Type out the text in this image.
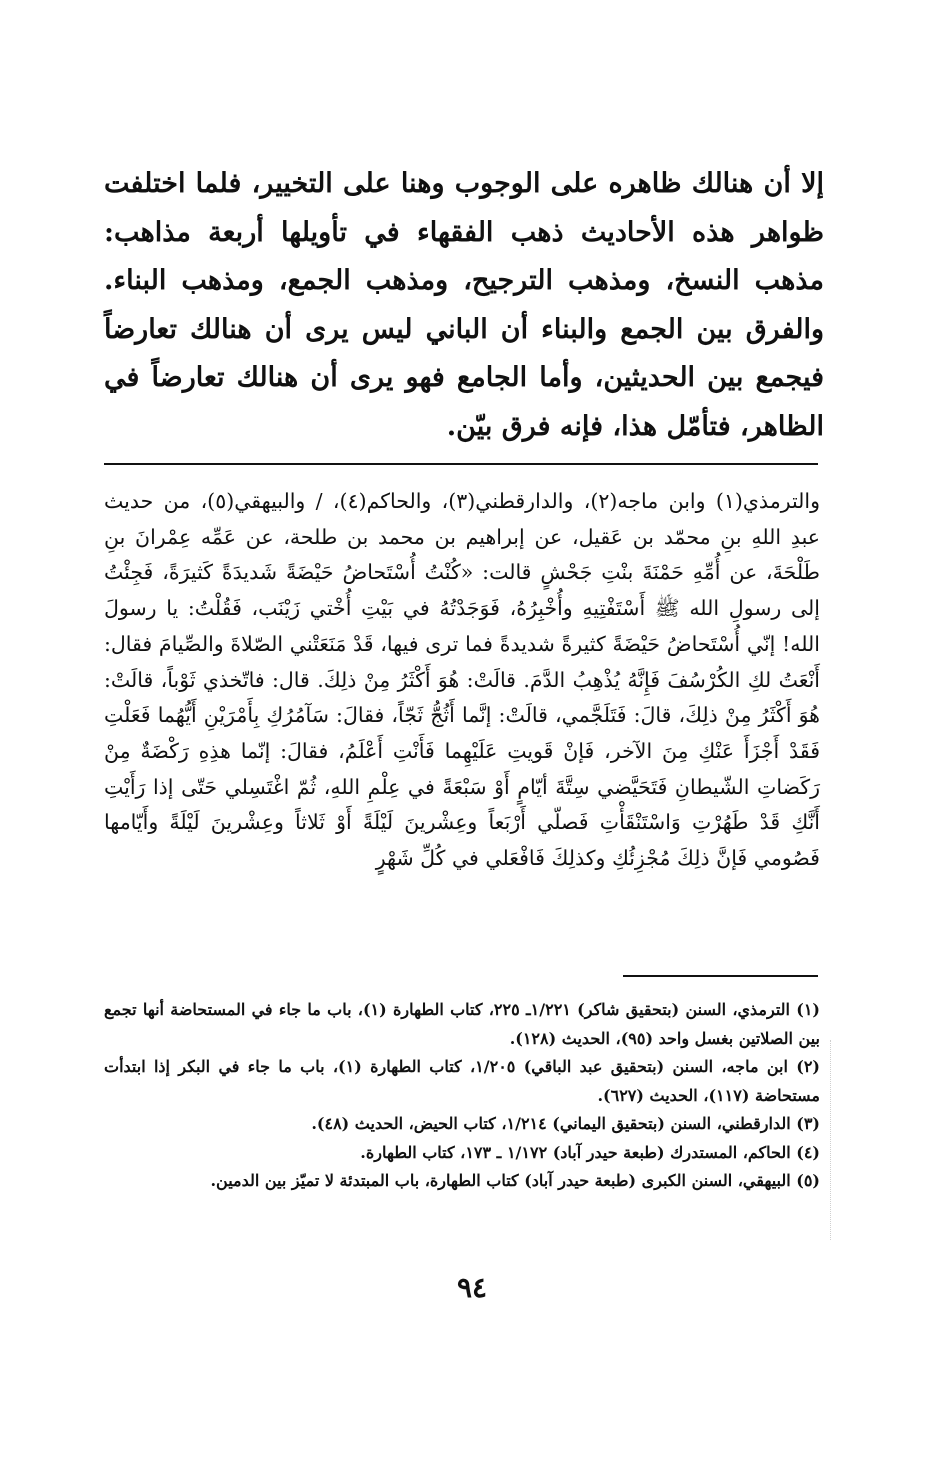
إلا أن هنالك ظاهره على الوجوب وهنا على التخيير، فلما اختلفت ظواهر هذه الأحاديث ذهب الفقهاء في تأويلها أربعة مذاهب: مذهب النسخ، ومذهب الترجيح، ومذهب الجمع، ومذهب البناء. والفرق بين الجمع والبناء أن الباني ليس يرى أن هنالك تعارضاً فيجمع بين الحديثين، وأما الجامع فهو يرى أن هنالك تعارضاً في الظاهر، فتأمّل هذا، فإنه فرق بيّن.

والترمذي(١) وابن ماجه(٢)، والدارقطني(٣)، والحاكم(٤)، / والبيهقي(٥)، من حديث عبدِ اللهِ بنِ محمّد بن عَقيل، عن إبراهيم بن محمد بن طلحة، عن عَمِّه عِمْرانَ بنِ طَلْحَةَ، عن أُمِّهِ حَمْنَةَ بنْتِ جَحْشٍ قالت: «كُنْتُ أُسْتَحاضُ حَيْضَةً شَديدَةً كَثيرَةً، فَجِئْتُ إلى رسولِ الله ﷺ أَسْتَفْتِيهِ وأُخْبِرُهُ، فَوَجَدْتُهُ في بَيْتِ أُخْتي زَيْنَب، فَقُلْتُ: يا رسولَ الله! إنّي أُسْتَحاضُ حَيْضَةً كثيرةً شديدةً فما ترى فيها، قَدْ مَنَعَتْني الصّلاةَ والصِّيامَ فقال: أَنْعَتُ لكِ الكُرْسُفَ فَإِنَّهُ يُذْهِبُ الدَّمَ. قالَتْ: هُوَ أَكْثَرُ مِنْ ذلِكَ. قال: فاتّخذي ثَوْباً، قالَتْ: هُوَ أَكْثَرُ مِنْ ذلِكَ، قالَ: فَتَلَجَّمي، قالَتْ: إنَّما أَثُجُّ ثَجّاً، فقالَ: سَآمُرُكِ بِأَمْرَيْنِ أَيُّهُما فَعَلْتِ فَقَدْ أَجْزَأَ عَنْكِ مِنَ الآخر، فَإنْ قَويتِ عَلَيْهِما فَأَنْتِ أَعْلَمُ، فقالَ: إنّما هذِهِ رَكْضَةٌ مِنْ رَكَضاتِ الشّيطانِ فَتَحَيَّضي سِتَّةَ أيّامٍ أَوْ سَبْعَةً في عِلْمِ اللهِ، ثُمّ اغْتَسِلي حَتّى إذا رَأَيْتِ أَنَّكِ قَدْ طَهُرْتِ وَاسْتَنْقَأْتِ فَصلّي أَرْبَعاً وعِشْرينَ لَيْلَةً أَوْ ثَلاثاً وعِشْرينَ لَيْلَةً وأَيّامها فَصُومي فَإنَّ ذلِكَ مُجْزِئُكِ وكذلِكَ فَافْعَلي في كُلِّ شَهْرٍ

(١) الترمذي، السنن (بتحقيق شاكر) ١/٢٢١ـ ٢٢٥، كتاب الطهارة (١)، باب ما جاء في المستحاضة أنها تجمع بين الصلاتين بغسل واحد (٩٥)، الحديث (١٢٨).
(٢) ابن ماجه، السنن (بتحقيق عبد الباقي) ١/٢٠٥، كتاب الطهارة (١)، باب ما جاء في البكر إذا ابتدأت مستحاضة (١١٧)، الحديث (٦٢٧).
(٣) الدارقطني، السنن (بتحقيق اليماني) ١/٢١٤، كتاب الحيض، الحديث (٤٨).
(٤) الحاكم، المستدرك (طبعة حيدر آباد) ١/١٧٢ ـ ١٧٣، كتاب الطهارة.
(٥) البيهقي، السنن الكبرى (طبعة حيدر آباد) كتاب الطهارة، باب المبتدئة لا تميّز بين الدمين.
٩٤
